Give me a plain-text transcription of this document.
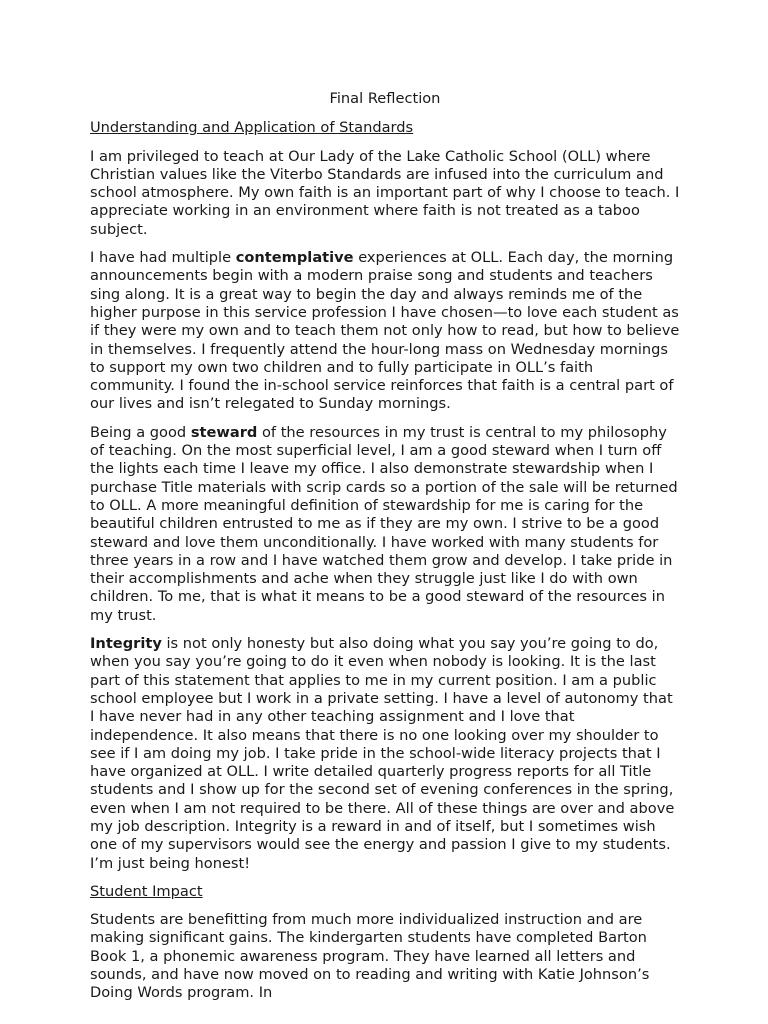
Final Reflection
Understanding and Application of Standards

I am privileged to teach at Our Lady of the Lake Catholic School (OLL) where Christian values like the Viterbo Standards are infused into the curriculum and school atmosphere. My own faith is an important part of why I choose to teach. I appreciate working in an environment where faith is not treated as a taboo subject.

I have had multiple contemplative experiences at OLL. Each day, the morning announcements begin with a modern praise song and students and teachers sing along. It is a great way to begin the day and always reminds me of the higher purpose in this service profession I have chosen—to love each student as if they were my own and to teach them not only how to read, but how to believe in themselves. I frequently attend the hour-long mass on Wednesday mornings to support my own two children and to fully participate in OLL’s faith community. I found the in-school service reinforces that faith is a central part of our lives and isn’t relegated to Sunday mornings.

Being a good steward of the resources in my trust is central to my philosophy of teaching. On the most superficial level, I am a good steward when I turn off the lights each time I leave my office. I also demonstrate stewardship when I purchase Title materials with scrip cards so a portion of the sale will be returned to OLL. A more meaningful definition of stewardship for me is caring for the beautiful children entrusted to me as if they are my own. I strive to be a good steward and love them unconditionally. I have worked with many students for three years in a row and I have watched them grow and develop. I take pride in their accomplishments and ache when they struggle just like I do with own children. To me, that is what it means to be a good steward of the resources in my trust.

Integrity is not only honesty but also doing what you say you’re going to do, when you say you’re going to do it even when nobody is looking. It is the last part of this statement that applies to me in my current position. I am a public school employee but I work in a private setting. I have a level of autonomy that I have never had in any other teaching assignment and I love that independence. It also means that there is no one looking over my shoulder to see if I am doing my job. I take pride in the school-wide literacy projects that I have organized at OLL. I write detailed quarterly progress reports for all Title students and I show up for the second set of evening conferences in the spring, even when I am not required to be there. All of these things are over and above my job description. Integrity is a reward in and of itself, but I sometimes wish one of my supervisors would see the energy and passion I give to my students. I’m just being honest!

Student Impact

Students are benefitting from much more individualized instruction and are making significant gains. The kindergarten students have completed Barton Book 1, a phonemic awareness program. They have learned all letters and sounds, and have now moved on to reading and writing with Katie Johnson’s Doing Words program. In
